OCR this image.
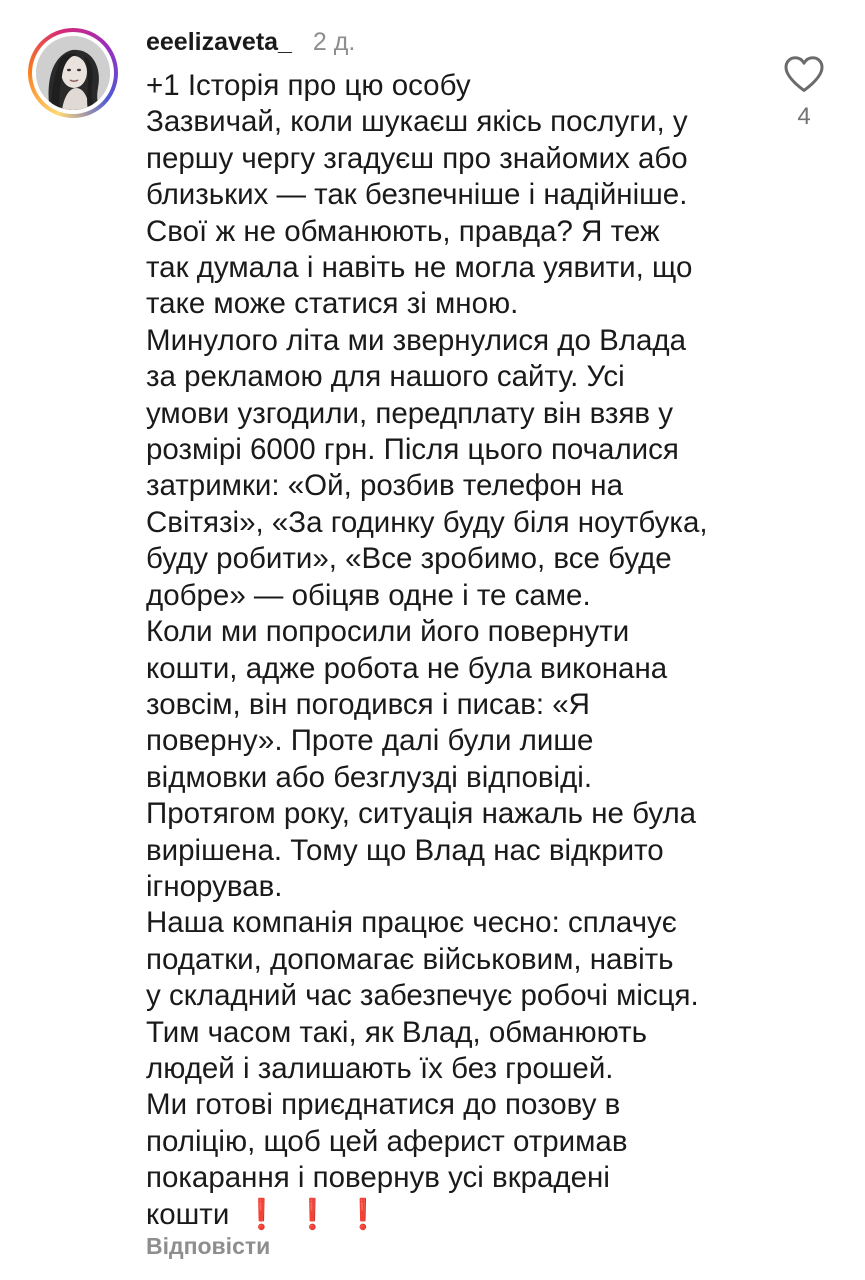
eeelizaveta_ 2 д.
+1 Історія про цю особу
Зазвичай, коли шукаєш якісь послуги, у
першу чергу згадуєш про знайомих або
близьких — так безпечніше і надійніше.
Свої ж не обманюють, правда? Я теж
так думала і навіть не могла уявити, що
таке може статися зі мною.
Минулого літа ми звернулися до Влада
за рекламою для нашого сайту. Усі
умови узгодили, передплату він взяв у
розмірі 6000 грн. Після цього почалися
затримки: «Ой, розбив телефон на
Світязі», «За годинку буду біля ноутбука,
буду робити», «Все зробимо, все буде
добре» — обіцяв одне і те саме.
Коли ми попросили його повернути
кошти, адже робота не була виконана
зовсім, він погодився і писав: «Я
поверну». Проте далі були лише
відмовки або безглузді відповіді.
Протягом року, ситуація нажаль не була
вирішена. Тому що Влад нас відкрито
ігнорував.
Наша компанія працює чесно: сплачує
податки, допомагає військовим, навіть
у складний час забезпечує робочі місця.
Тим часом такі, як Влад, обманюють
людей і залишають їх без грошей.
Ми готові приєднатися до позову в
поліцію, щоб цей аферист отримав
покарання і повернув усі вкрадені
кошти ❗ ❗ ❗
Відповісти
4
